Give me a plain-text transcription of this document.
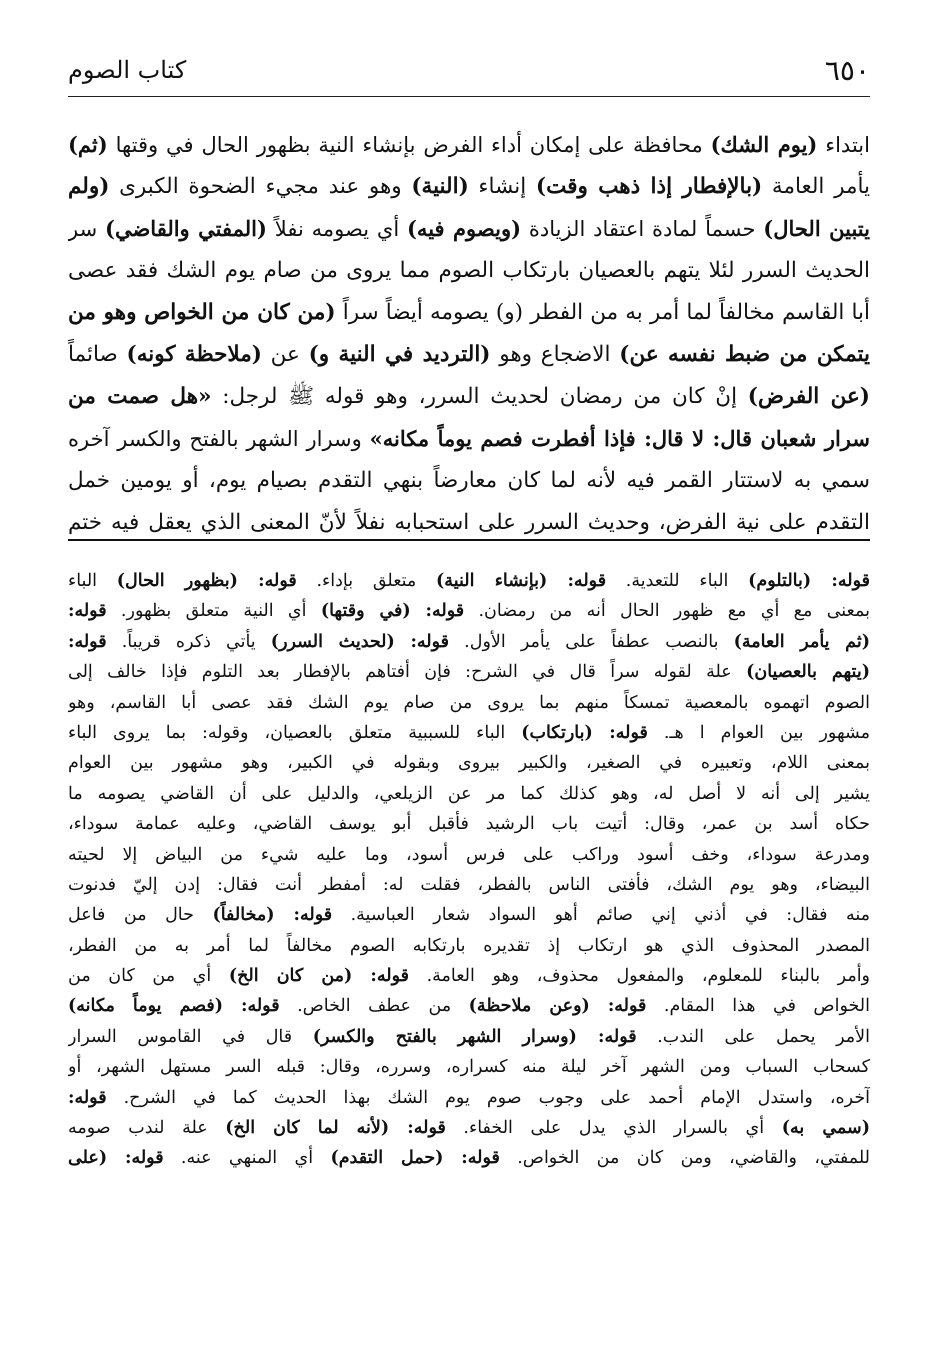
٦٥٠
كتاب الصوم
ابتداء (يوم الشك) محافظة على إمكان أداء الفرض بإنشاء النية بظهور الحال في وقتها (ثم)
يأمر العامة (بالإفطار إذا ذهب وقت) إنشاء (النية) وهو عند مجيء الضحوة الكبرى (ولم
يتبين الحال) حسماً لمادة اعتقاد الزيادة (ويصوم فيه) أي يصومه نفلاً (المفتي والقاضي) سر
الحديث السرر لئلا يتهم بالعصيان بارتكاب الصوم مما يروى من صام يوم الشك فقد عصى
أبا القاسم مخالفاً لما أمر به من الفطر (و) يصومه أيضاً سراً (من كان من الخواص وهو من
يتمكن من ضبط نفسه عن) الاضجاع وهو (الترديد في النية و) عن (ملاحظة كونه) صائماً
(عن الفرض) إنْ كان من رمضان لحديث السرر، وهو قوله ﷺ لرجل: «هل صمت من
سرار شعبان قال: لا قال: فإذا أفطرت فصم يوماً مكانه» وسرار الشهر بالفتح والكسر آخره
سمي به لاستتار القمر فيه لأنه لما كان معارضاً بنهي التقدم بصيام يوم، أو يومين خمل
التقدم على نية الفرض، وحديث السرر على استحبابه نفلاً لأنّ المعنى الذي يعقل فيه ختم
قوله: (بالتلوم) الباء للتعدية. قوله: (بإنشاء النية) متعلق بإداء. قوله: (بظهور الحال) الباء
بمعنى مع أي مع ظهور الحال أنه من رمضان. قوله: (في وقتها) أي النية متعلق بظهور. قوله:
(ثم يأمر العامة) بالنصب عطفاً على يأمر الأول. قوله: (لحديث السرر) يأتي ذكره قريباً. قوله:
(يتهم بالعصيان) علة لقوله سراً قال في الشرح: فإن أفتاهم بالإفطار بعد التلوم فإذا خالف إلى
الصوم اتهموه بالمعصية تمسكاً منهم بما يروى من صام يوم الشك فقد عصى أبا القاسم، وهو
مشهور بين العوام ا هـ. قوله: (بارتكاب) الباء للسببية متعلق بالعصيان، وقوله: بما يروى الباء
بمعنى اللام، وتعبيره في الصغير، والكبير بيروى وبقوله في الكبير، وهو مشهور بين العوام
يشير إلى أنه لا أصل له، وهو كذلك كما مر عن الزيلعي، والدليل على أن القاضي يصومه ما
حكاه أسد بن عمر، وقال: أتيت باب الرشيد فأقبل أبو يوسف القاضي، وعليه عمامة سوداء،
ومدرعة سوداء، وخف أسود وراكب على فرس أسود، وما عليه شيء من البياض إلا لحيته
البيضاء، وهو يوم الشك، فأفتى الناس بالفطر، فقلت له: أمفطر أنت فقال: إدن إليّ فدنوت
منه فقال: في أذني إني صائم أهو السواد شعار العباسية. قوله: (مخالفاً) حال من فاعل
المصدر المحذوف الذي هو ارتكاب إذ تقديره بارتكابه الصوم مخالفاً لما أمر به من الفطر،
وأمر بالبناء للمعلوم، والمفعول محذوف، وهو العامة. قوله: (من كان الخ) أي من كان من
الخواص في هذا المقام. قوله: (وعن ملاحظة) من عطف الخاص. قوله: (فصم يوماً مكانه)
الأمر يحمل على الندب. قوله: (وسرار الشهر بالفتح والكسر) قال في القاموس السرار
كسحاب السباب ومن الشهر آخر ليلة منه كسراره، وسرره، وقال: قبله السر مستهل الشهر، أو
آخره، واستدل الإمام أحمد على وجوب صوم يوم الشك بهذا الحديث كما في الشرح. قوله:
(سمي به) أي بالسرار الذي يدل على الخفاء. قوله: (لأنه لما كان الخ) علة لندب صومه
للمفتي، والقاضي، ومن كان من الخواص. قوله: (حمل التقدم) أي المنهي عنه. قوله: (على
